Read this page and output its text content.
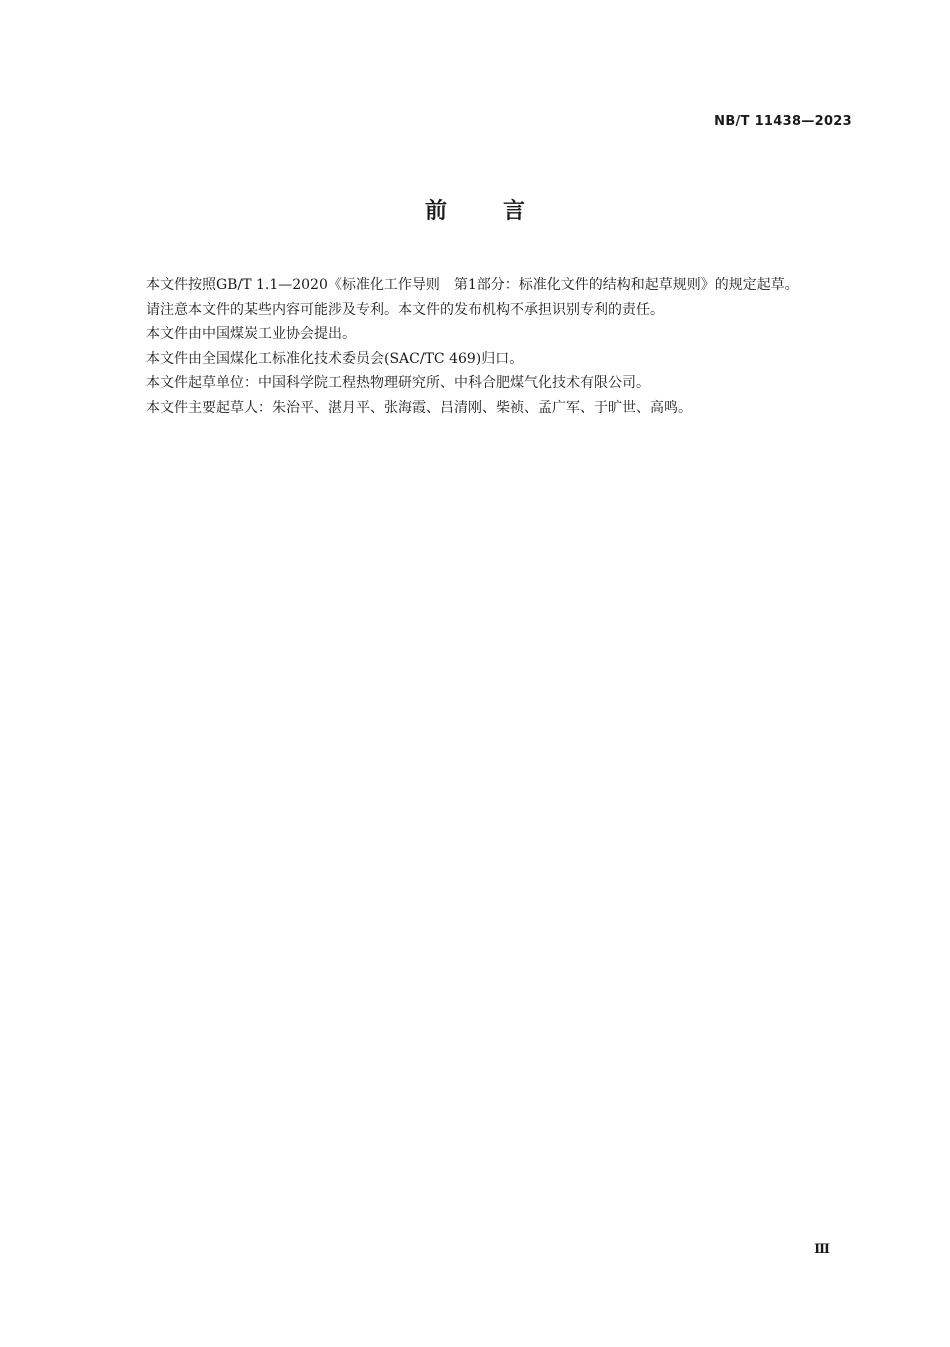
NB/T 11438—2023
前言

本文件按照GB/T 1.1—2020《标准化工作导则　第1部分：标准化文件的结构和起草规则》的规定起草。

请注意本文件的某些内容可能涉及专利。本文件的发布机构不承担识别专利的责任。

本文件由中国煤炭工业协会提出。

本文件由全国煤化工标准化技术委员会(SAC/TC 469)归口。

本文件起草单位：中国科学院工程热物理研究所、中科合肥煤气化技术有限公司。

本文件主要起草人：朱治平、湛月平、张海霞、吕清刚、柴祯、孟广军、于旷世、高鸣。

Ⅲ
